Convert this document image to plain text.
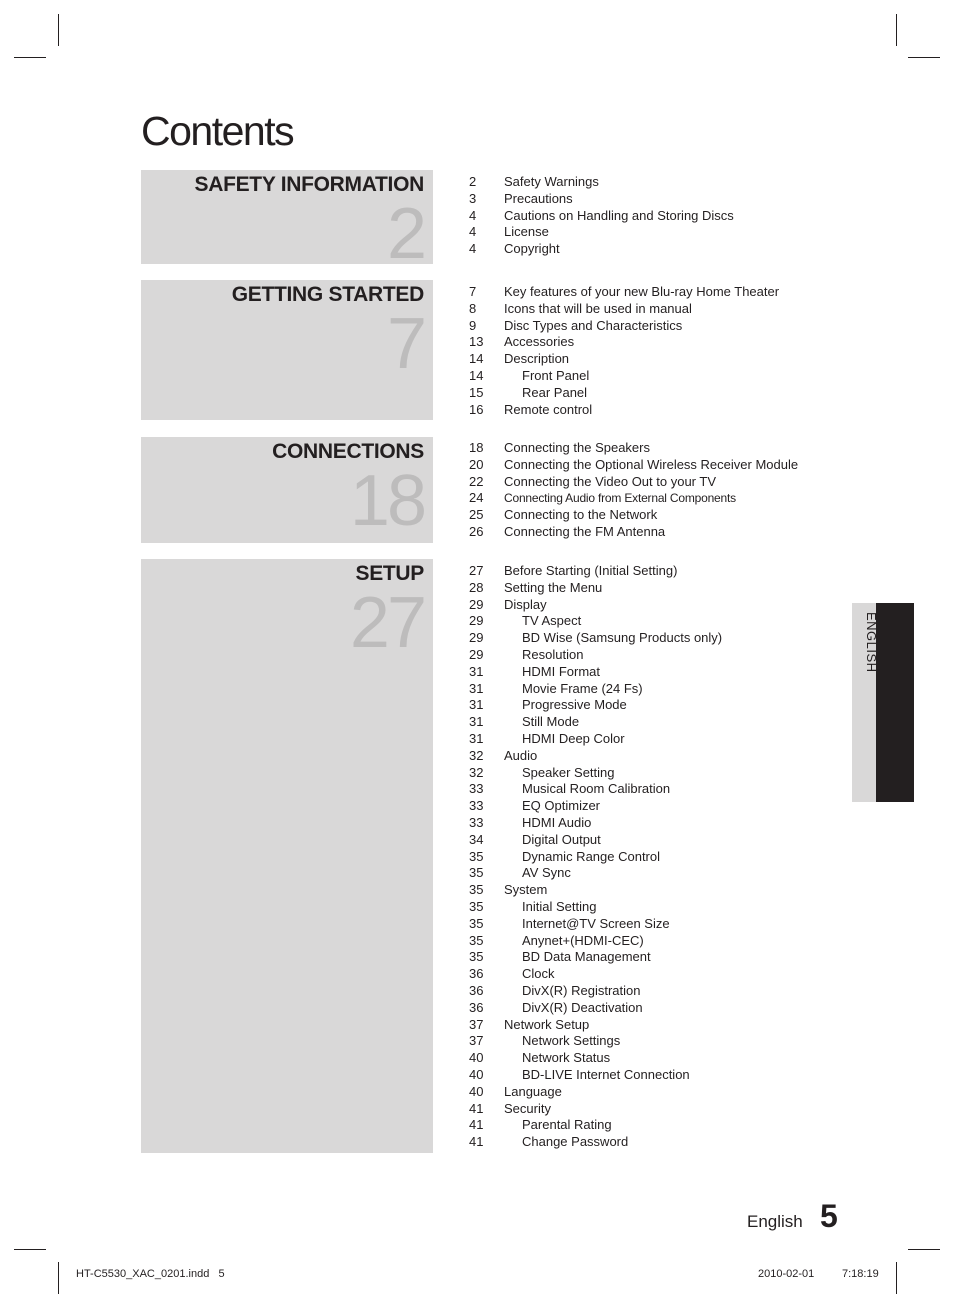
Contents
SAFETY INFORMATION
2
GETTING STARTED
7
CONNECTIONS
18
SETUP
27
2	Safety Warnings
3	Precautions
4	Cautions on Handling and Storing Discs
4	License
4	Copyright
7	Key features of your new Blu-ray Home Theater
8	Icons that will be used in manual
9	Disc Types and Characteristics
13	Accessories
14	Description
14	Front Panel
15	Rear Panel
16	Remote control
18	Connecting the Speakers
20	Connecting the Optional Wireless Receiver Module
22	Connecting the Video Out to your TV
24	Connecting Audio from External Components
25	Connecting to the Network
26	Connecting the FM Antenna
27	Before Starting (Initial Setting)
28	Setting the Menu
29	Display
29	TV Aspect
29	BD Wise (Samsung Products only)
29	Resolution
31	HDMI Format
31	Movie Frame (24 Fs)
31	Progressive Mode
31	Still Mode
31	HDMI Deep Color
32	Audio
32	Speaker Setting
33	Musical Room Calibration
33	EQ Optimizer
33	HDMI Audio
34	Digital Output
35	Dynamic Range Control
35	AV Sync
35	System
35	Initial Setting
35	Internet@TV Screen Size
35	Anynet+(HDMI-CEC)
35	BD Data Management
36	Clock
36	DivX(R) Registration
36	DivX(R) Deactivation
37	Network Setup
37	Network Settings
40	Network Status
40	BD-LIVE Internet Connection
40	Language
41	Security
41	Parental Rating
41	Change Password
ENGLISH
English 5
HT-C5530_XAC_0201.indd   5	2010-02-01	7:18:19
